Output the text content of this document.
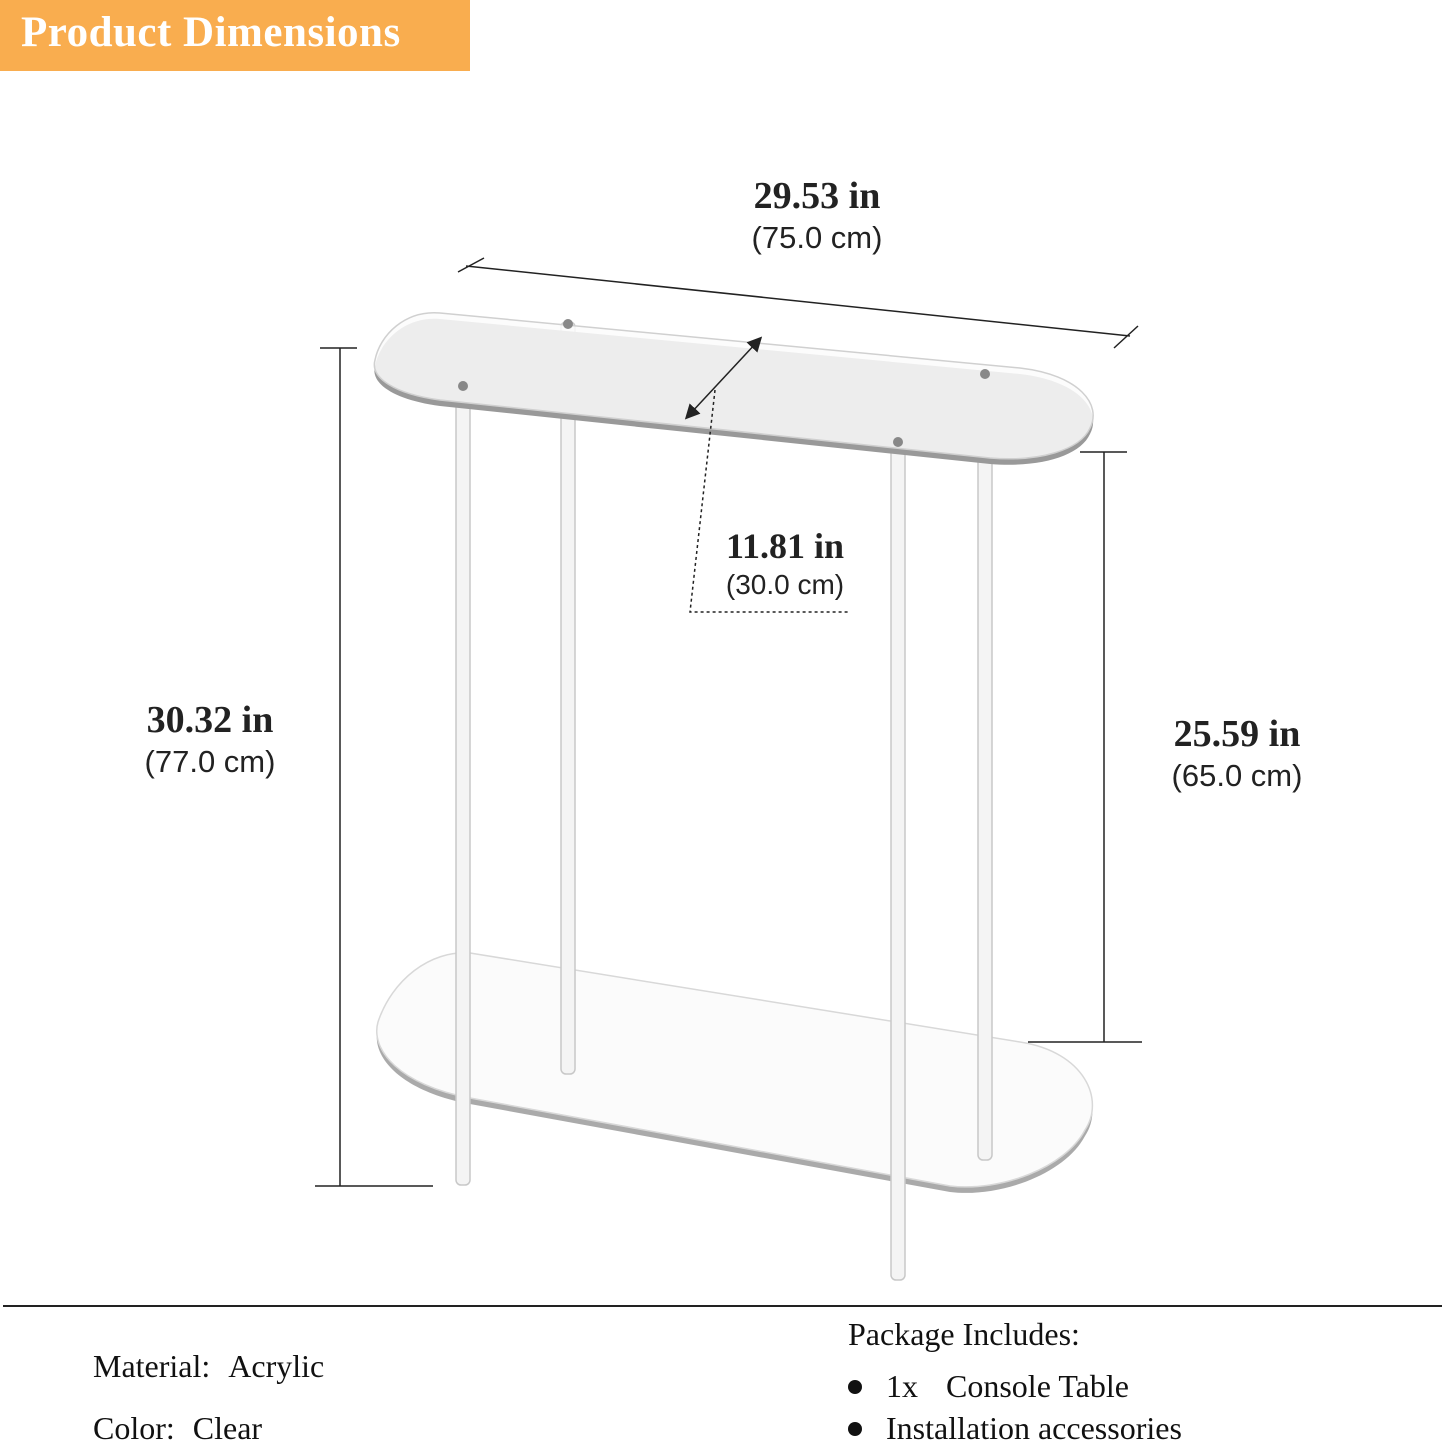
Product Dimensions
29.53 in
(75.0 cm)
11.81 in
(30.0 cm)
30.32 in
(77.0 cm)
25.59 in
(65.0 cm)
Material: Acrylic
Color: Clear
Package Includes:
1x Console Table
Installation accessories
